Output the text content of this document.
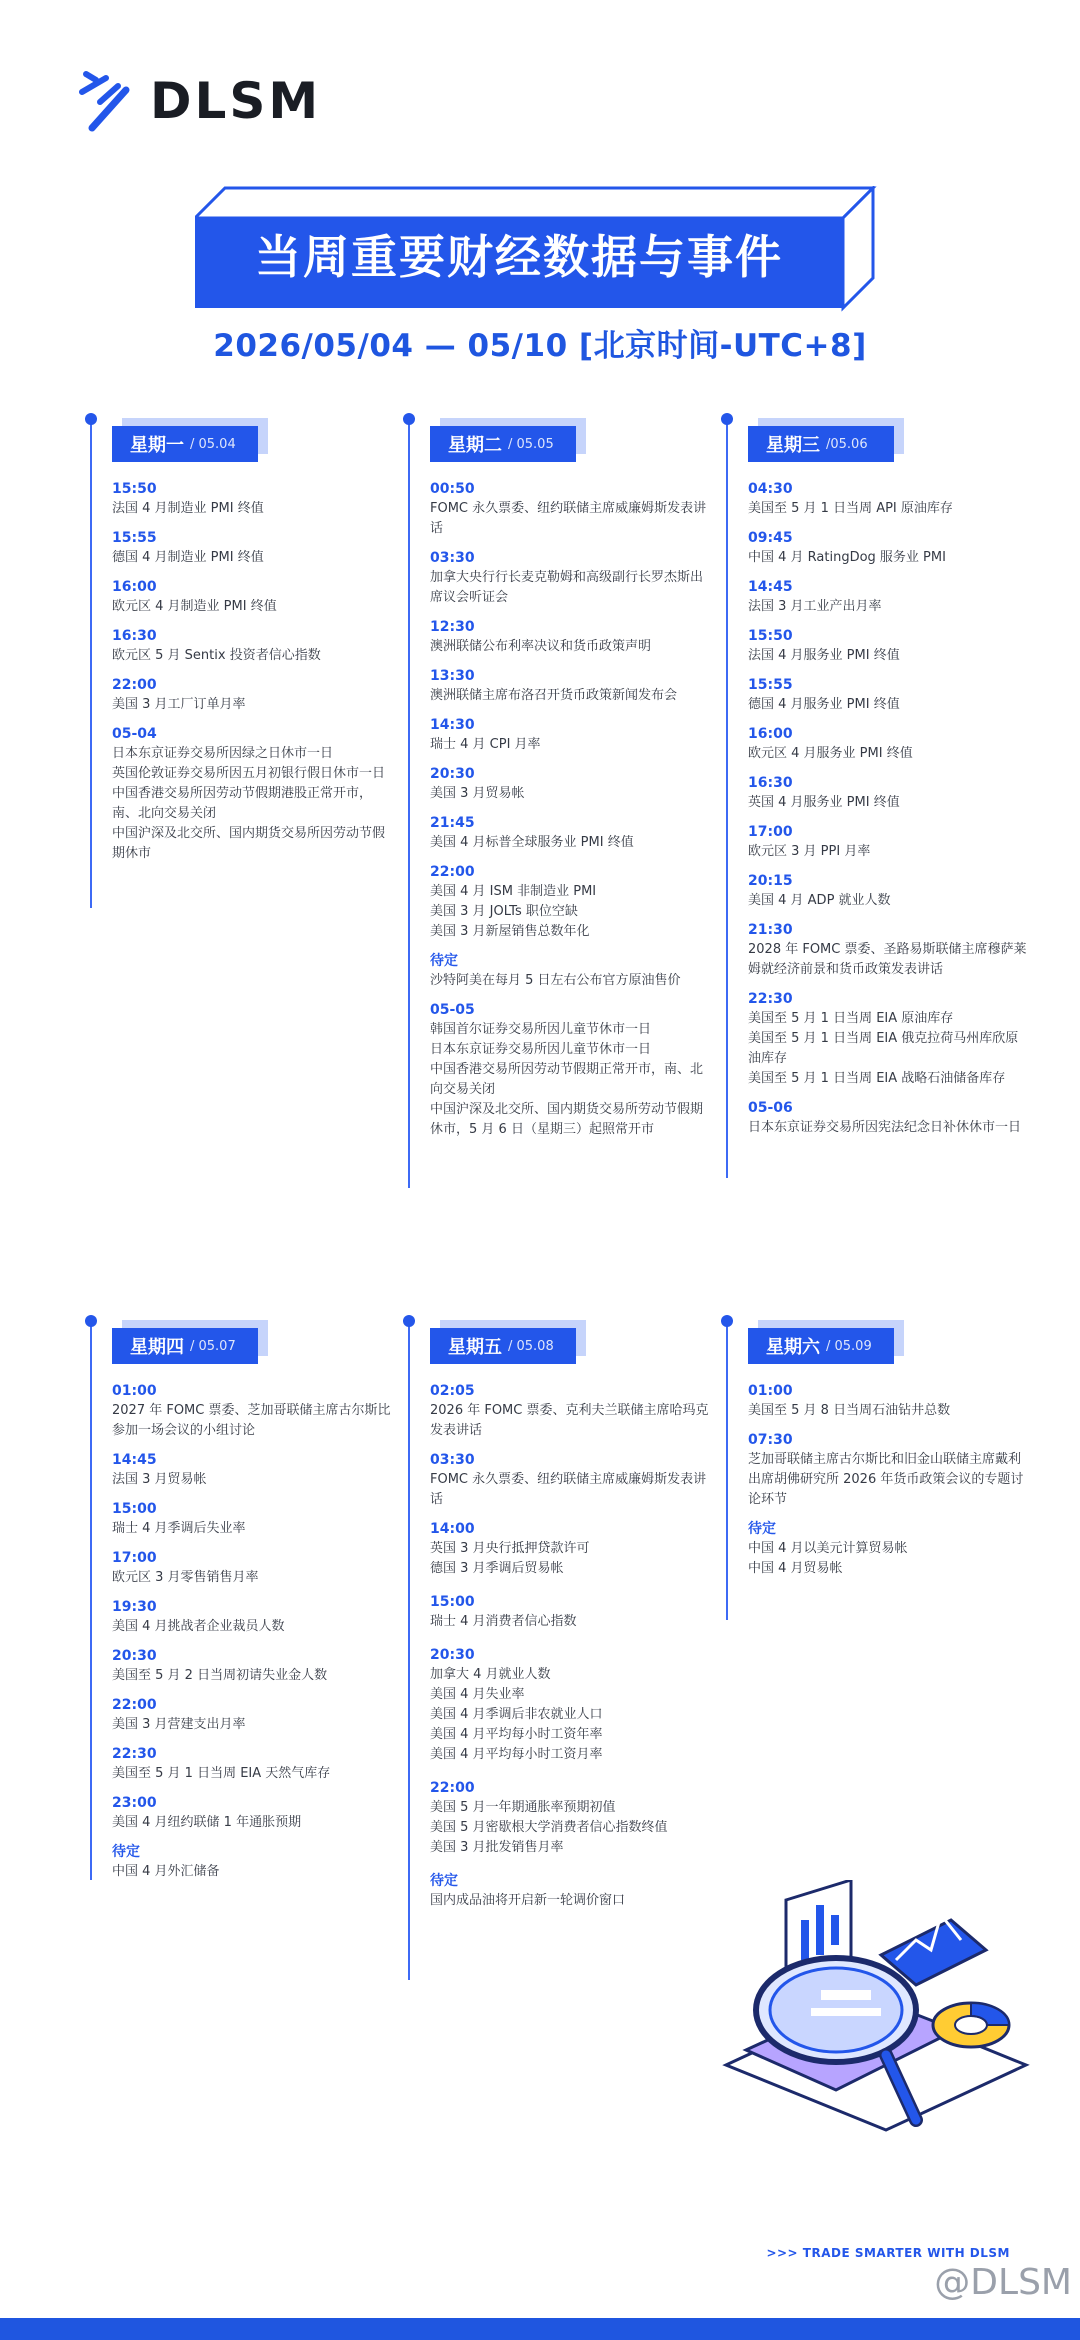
DLSM
当周重要财经数据与事件
2026/05/04 — 05/10 [北京时间-UTC+8]
星期一 / 05.04
15:50
法国 4 月制造业 PMI 终值
15:55
德国 4 月制造业 PMI 终值
16:00
欧元区 4 月制造业 PMI 终值
16:30
欧元区 5 月 Sentix 投资者信心指数
22:00
美国 3 月工厂订单月率
05-04
日本东京证券交易所因绿之日休市一日
英国伦敦证券交易所因五月初银行假日休市一日
中国香港交易所因劳动节假期港股正常开市，南、北向交易关闭
中国沪深及北交所、国内期货交易所因劳动节假期休市
星期二 / 05.05
00:50
FOMC 永久票委、纽约联储主席威廉姆斯发表讲话
03:30
加拿大央行行长麦克勒姆和高级副行长罗杰斯出席议会听证会
12:30
澳洲联储公布利率决议和货币政策声明
13:30
澳洲联储主席布洛召开货币政策新闻发布会
14:30
瑞士 4 月 CPI 月率
20:30
美国 3 月贸易帐
21:45
美国 4 月标普全球服务业 PMI 终值
22:00
美国 4 月 ISM 非制造业 PMI
美国 3 月 JOLTs 职位空缺
美国 3 月新屋销售总数年化
待定
沙特阿美在每月 5 日左右公布官方原油售价
05-05
韩国首尔证券交易所因儿童节休市一日
日本东京证券交易所因儿童节休市一日
中国香港交易所因劳动节假期正常开市，南、北向交易关闭
中国沪深及北交所、国内期货交易所劳动节假期休市，5 月 6 日（星期三）起照常开市
星期三 /05.06
04:30
美国至 5 月 1 日当周 API 原油库存
09:45
中国 4 月 RatingDog 服务业 PMI
14:45
法国 3 月工业产出月率
15:50
法国 4 月服务业 PMI 终值
15:55
德国 4 月服务业 PMI 终值
16:00
欧元区 4 月服务业 PMI 终值
16:30
英国 4 月服务业 PMI 终值
17:00
欧元区 3 月 PPI 月率
20:15
美国 4 月 ADP 就业人数
21:30
2028 年 FOMC 票委、圣路易斯联储主席穆萨莱姆就经济前景和货币政策发表讲话
22:30
美国至 5 月 1 日当周 EIA 原油库存
美国至 5 月 1 日当周 EIA 俄克拉荷马州库欣原油库存
美国至 5 月 1 日当周 EIA 战略石油储备库存
05-06
日本东京证券交易所因宪法纪念日补休休市一日
星期四 / 05.07
01:00
2027 年 FOMC 票委、芝加哥联储主席古尔斯比参加一场会议的小组讨论
14:45
法国 3 月贸易帐
15:00
瑞士 4 月季调后失业率
17:00
欧元区 3 月零售销售月率
19:30
美国 4 月挑战者企业裁员人数
20:30
美国至 5 月 2 日当周初请失业金人数
22:00
美国 3 月营建支出月率
22:30
美国至 5 月 1 日当周 EIA 天然气库存
23:00
美国 4 月纽约联储 1 年通胀预期
待定
中国 4 月外汇储备
星期五 / 05.08
02:05
2026 年 FOMC 票委、克利夫兰联储主席哈玛克发表讲话
03:30
FOMC 永久票委、纽约联储主席威廉姆斯发表讲话
14:00
英国 3 月央行抵押贷款许可
德国 3 月季调后贸易帐
15:00
瑞士 4 月消费者信心指数
20:30
加拿大 4 月就业人数
美国 4 月失业率
美国 4 月季调后非农就业人口
美国 4 月平均每小时工资年率
美国 4 月平均每小时工资月率
22:00
美国 5 月一年期通胀率预期初值
美国 5 月密歇根大学消费者信心指数终值
美国 3 月批发销售月率
待定
国内成品油将开启新一轮调价窗口
星期六 / 05.09
01:00
美国至 5 月 8 日当周石油钻井总数
07:30
芝加哥联储主席古尔斯比和旧金山联储主席戴利出席胡佛研究所 2026 年货币政策会议的专题讨论环节
待定
中国 4 月以美元计算贸易帐
中国 4 月贸易帐
>>> TRADE SMARTER WITH DLSM
@DLSM
